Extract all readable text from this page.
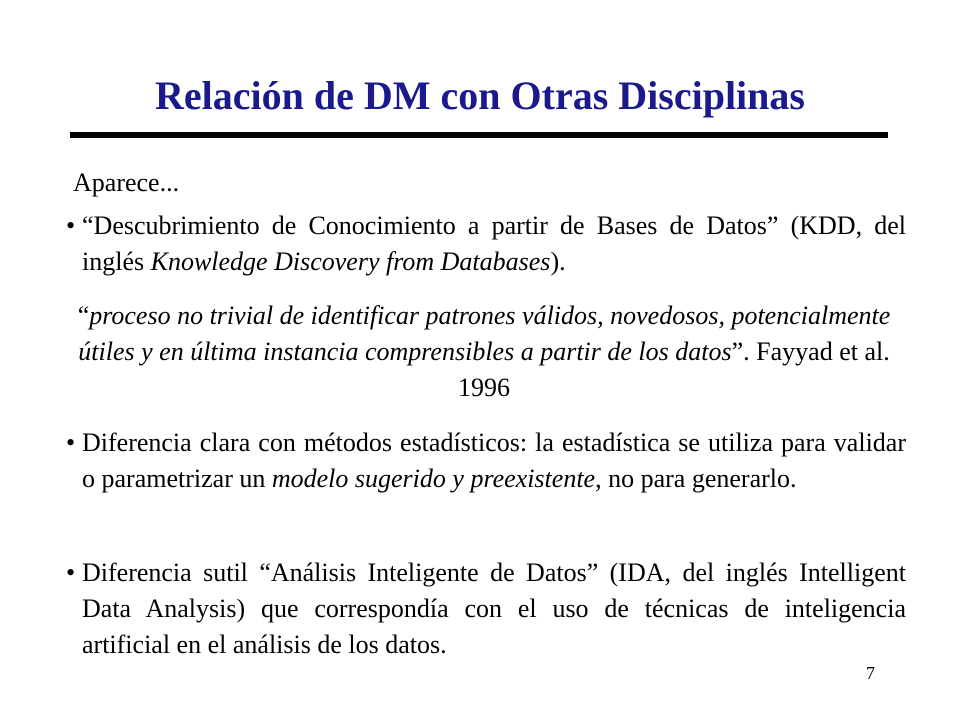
Relación de DM con Otras Disciplinas
Aparece...
• “Descubrimiento de Conocimiento a partir de Bases de Datos” (KDD, del inglés Knowledge Discovery from Databases).
“proceso no trivial de identificar patrones válidos, novedosos, potencialmente útiles y en última instancia comprensibles a partir de los datos”. Fayyad et al. 1996
• Diferencia clara con métodos estadísticos: la estadística se utiliza para validar o parametrizar un modelo sugerido y preexistente, no para generarlo.
• Diferencia sutil “Análisis Inteligente de Datos” (IDA, del inglés Intelligent Data Analysis) que correspondía con el uso de técnicas de inteligencia artificial en el análisis de los datos.
7
